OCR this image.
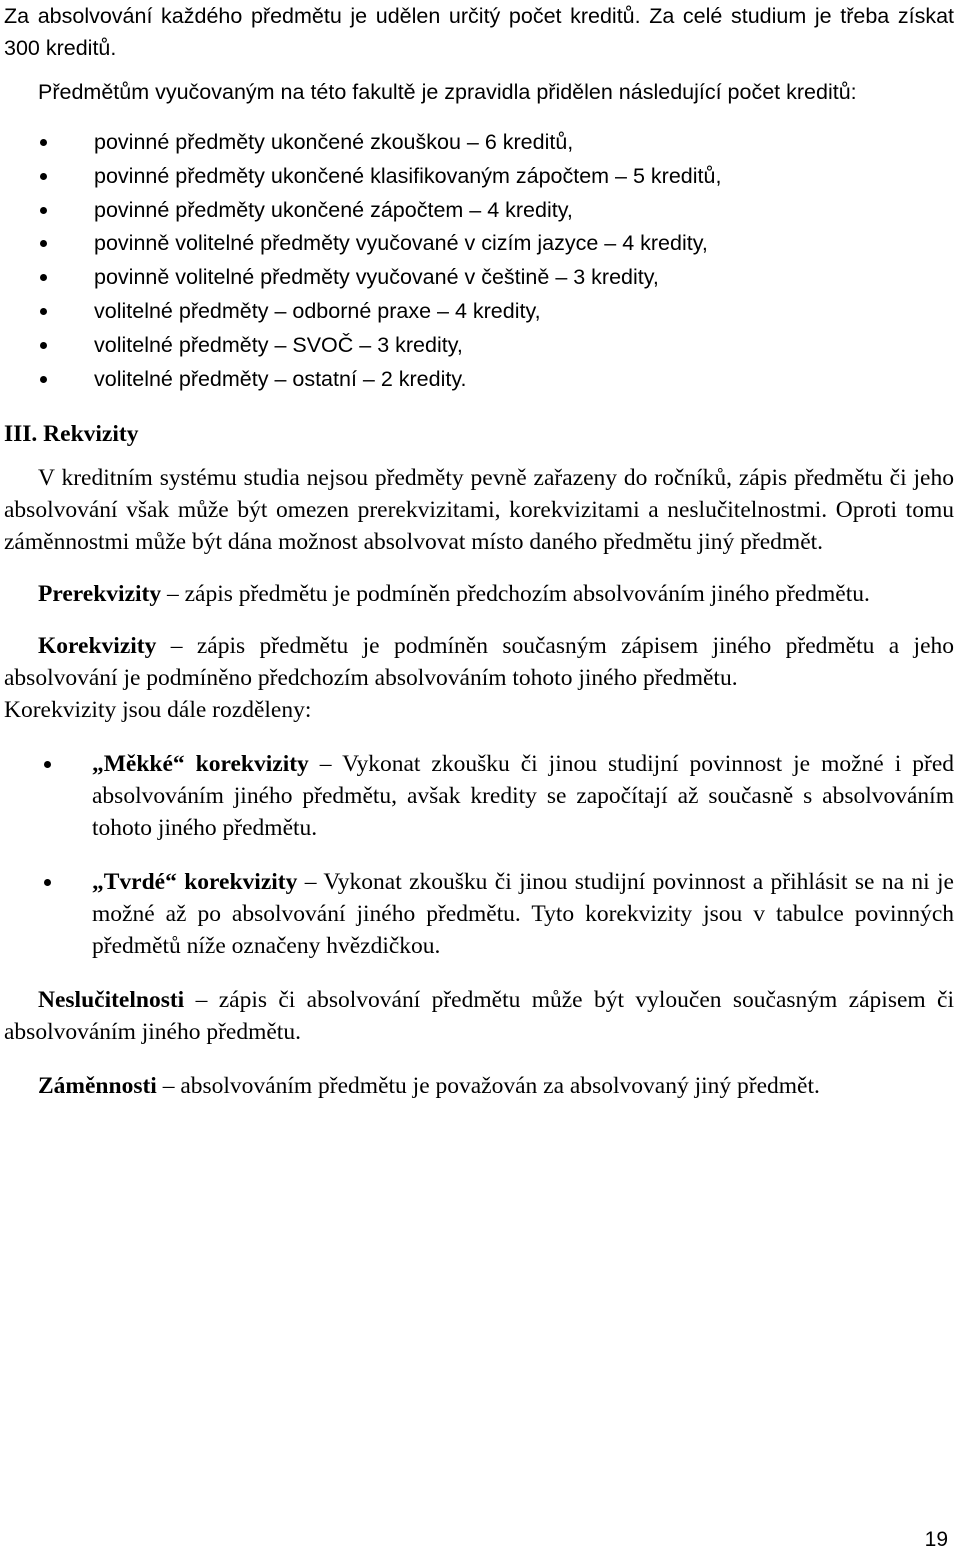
Za absolvování každého předmětu je udělen určitý počet kreditů. Za celé studium je třeba získat 300 kreditů.

Předmětům vyučovaným na této fakultě je zpravidla přidělen následující počet kreditů:

povinné předměty ukončené zkouškou – 6 kreditů,
povinné předměty ukončené klasifikovaným zápočtem – 5 kreditů,
povinné předměty ukončené zápočtem – 4 kredity,
povinně volitelné předměty vyučované v cizím jazyce – 4 kredity,
povinně volitelné předměty vyučované v češtině – 3 kredity,
volitelné předměty – odborné praxe – 4 kredity,
volitelné předměty – SVOČ – 3 kredity,
volitelné předměty – ostatní – 2 kredity.
III. Rekvizity

V kreditním systému studia nejsou předměty pevně zařazeny do ročníků, zápis předmětu či jeho absolvování však může být omezen prerekvizitami, korekvizitami a neslučitelnostmi. Oproti tomu záměnnostmi může být dána možnost absolvovat místo daného předmětu jiný předmět.

Prerekvizity – zápis předmětu je podmíněn předchozím absolvováním jiného předmětu.

Korekvizity – zápis předmětu je podmíněn současným zápisem jiného předmětu a jeho absolvování je podmíněno předchozím absolvováním tohoto jiného předmětu.

Korekvizity jsou dále rozděleny:

„Měkké“ korekvizity – Vykonat zkoušku či jinou studijní povinnost je možné i před absolvováním jiného předmětu, avšak kredity se započítají až současně s absolvováním tohoto jiného předmětu.
„Tvrdé“ korekvizity – Vykonat zkoušku či jinou studijní povinnost a přihlásit se na ni je možné až po absolvování jiného předmětu. Tyto korekvizity jsou v tabulce povinných předmětů níže označeny hvězdičkou.

Neslučitelnosti – zápis či absolvování předmětu může být vyloučen současným zápisem či absolvováním jiného předmětu.

Záměnnosti – absolvováním předmětu je považován za absolvovaný jiný předmět.

19
